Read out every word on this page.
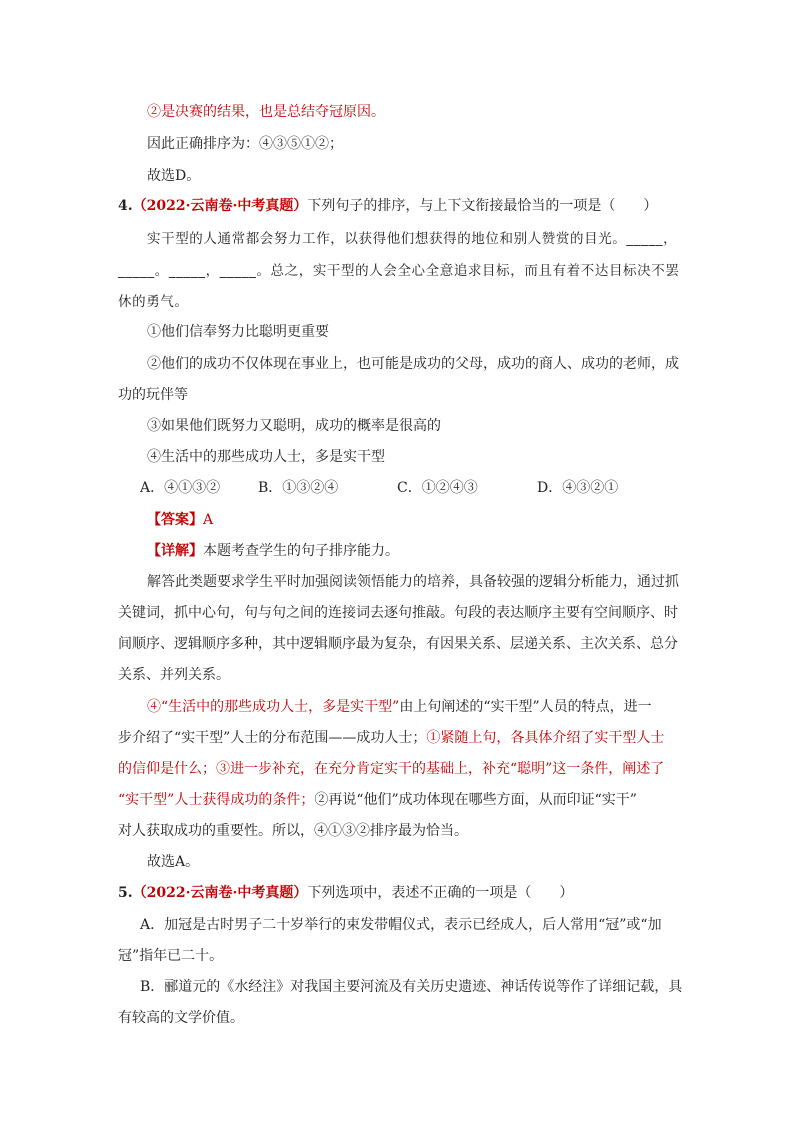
②是决赛的结果，也是总结夺冠原因。
因此正确排序为：④③⑤①②；
故选D。
4.（2022·云南卷·中考真题）下列句子的排序，与上下文衔接最恰当的一项是（　　）
实干型的人通常都会努力工作，以获得他们想获得的地位和别人赞赏的目光。_____，
_____。_____，_____。总之，实干型的人会全心全意追求目标，而且有着不达目标决不罢
休的勇气。
①他们信奉努力比聪明更重要
②他们的成功不仅体现在事业上，也可能是成功的父母，成功的商人、成功的老师，成
功的玩伴等
③如果他们既努力又聪明，成功的概率是很高的
④生活中的那些成功人士，多是实干型
A．④①③②	B．①③②④	C．①②④③	D．④③②①
【答案】A
【详解】本题考查学生的句子排序能力。
解答此类题要求学生平时加强阅读领悟能力的培养，具备较强的逻辑分析能力，通过抓
关键词，抓中心句，句与句之间的连接词去逐句推敲。句段的表达顺序主要有空间顺序、时
间顺序、逻辑顺序多种，其中逻辑顺序最为复杂，有因果关系、层递关系、主次关系、总分
关系、并列关系。
④“生活中的那些成功人士，多是实干型”由上句阐述的“实干型”人员的特点，进一
步介绍了“实干型”人士的分布范围——成功人士；①紧随上句，各具体介绍了实干型人士
的信仰是什么；③进一步补充，在充分肯定实干的基础上，补充“聪明”这一条件，阐述了
“实干型”人士获得成功的条件；②再说“他们”成功体现在哪些方面，从而印证“实干”
对人获取成功的重要性。所以，④①③②排序最为恰当。
故选A。
5.（2022·云南卷·中考真题）下列选项中，表述不正确的一项是（　　）
A．加冠是古时男子二十岁举行的束发带帽仪式，表示已经成人，后人常用“冠”或“加
冠”指年已二十。
B．郦道元的《水经注》对我国主要河流及有关历史遗迹、神话传说等作了详细记载，具
有较高的文学价值。
